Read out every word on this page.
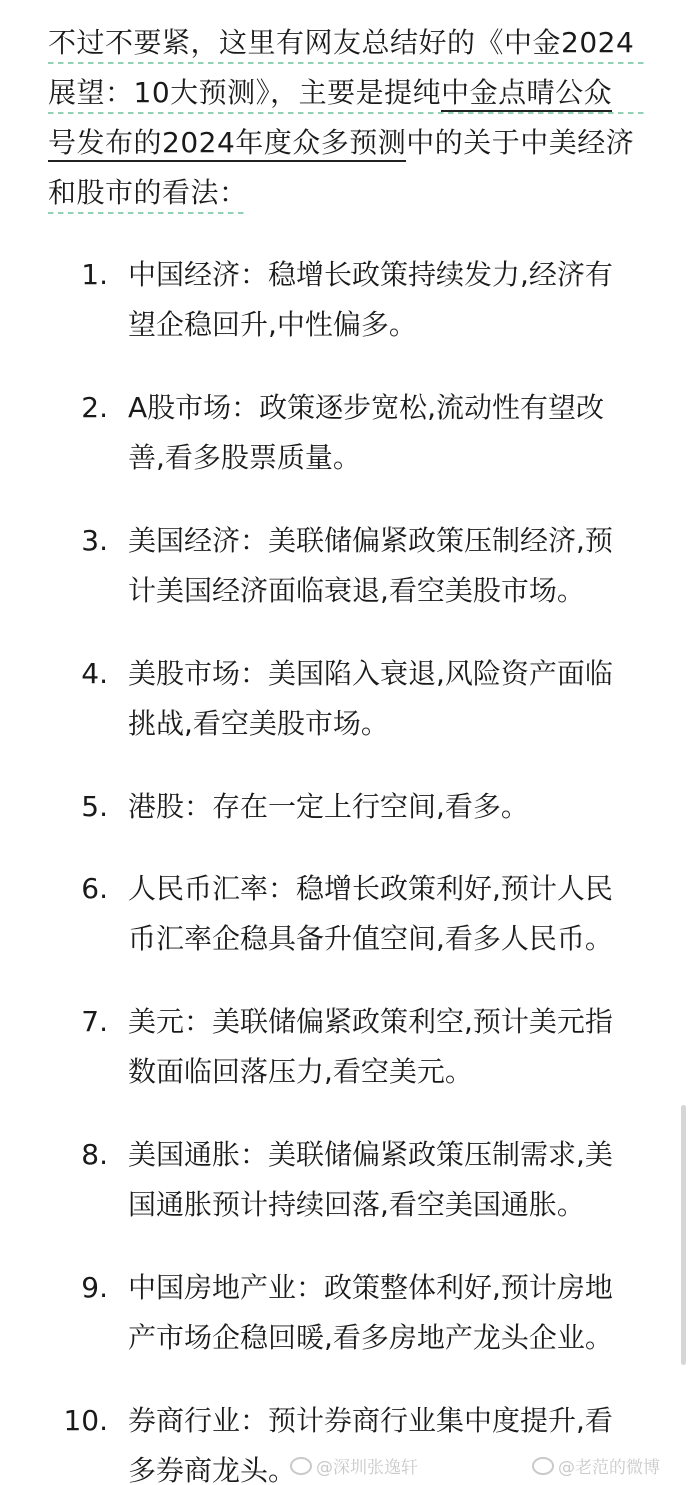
不过不要紧，这里有网友总结好的《中金2024
展望：10大预测》，主要是提纯中金点晴公众
号发布的2024年度众多预测中的关于中美经济
和股市的看法：
1. 中国经济：稳增长政策持续发力,经济有
望企稳回升,中性偏多。
2. A股市场：政策逐步宽松,流动性有望改
善,看多股票质量。
3. 美国经济：美联储偏紧政策压制经济,预
计美国经济面临衰退,看空美股市场。
4. 美股市场：美国陷入衰退,风险资产面临
挑战,看空美股市场。
5. 港股：存在一定上行空间,看多。
6. 人民币汇率：稳增长政策利好,预计人民
币汇率企稳具备升值空间,看多人民币。
7. 美元：美联储偏紧政策利空,预计美元指
数面临回落压力,看空美元。
8. 美国通胀：美联储偏紧政策压制需求,美
国通胀预计持续回落,看空美国通胀。
9. 中国房地产业：政策整体利好,预计房地
产市场企稳回暖,看多房地产龙头企业。
10. 券商行业：预计券商行业集中度提升,看
多券商龙头。	@深圳张逸轩	@老范的微博
